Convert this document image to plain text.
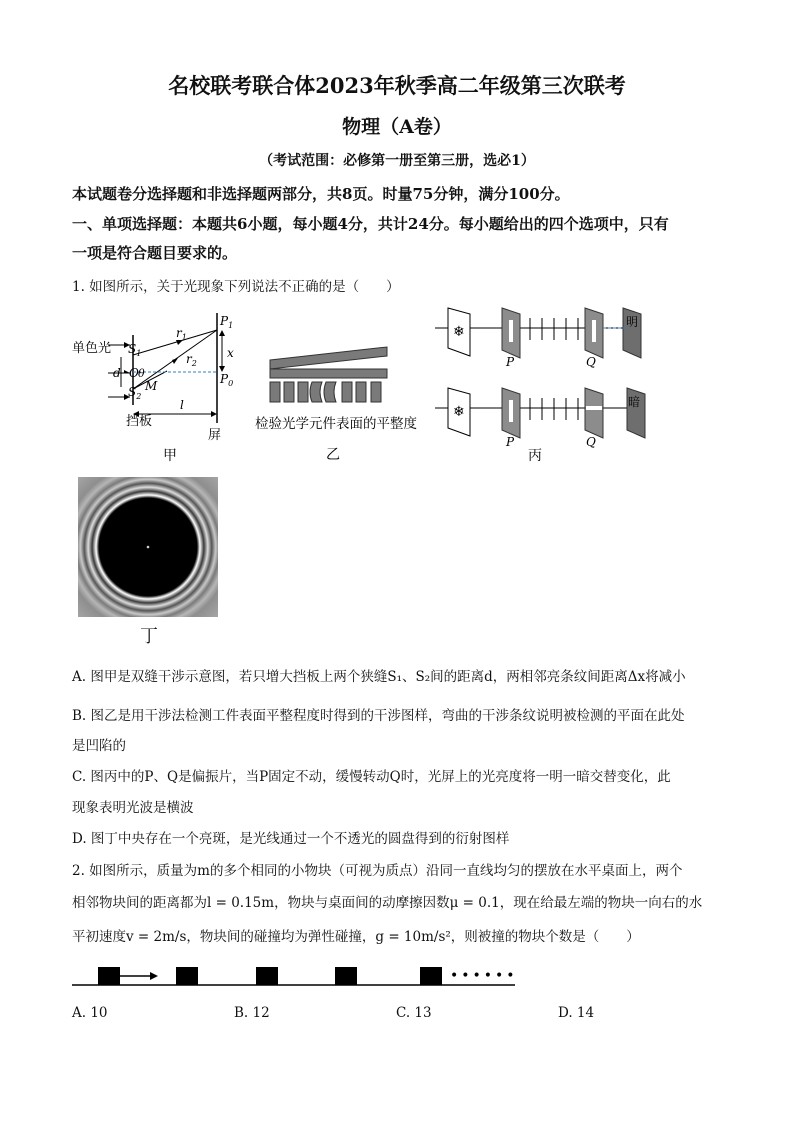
名校联考联合体2023年秋季高二年级第三次联考
物理（A卷）
（考试范围：必修第一册至第三册，选必1）
本试题卷分选择题和非选择题两部分，共8页。时量75分钟，满分100分。
一、单项选择题：本题共6小题，每小题4分，共计24分。每小题给出的四个选项中，只有
一项是符合题目要求的。
1. 如图所示，关于光现象下列说法不正确的是（　　）
单色光 $S_1$
$S_2$
d O θ
M
$r_1$
$r_2$
$P_1$
x
$P_0$
l
挡板
屏
甲
检验光学元件表面的平整度
乙
❄
明
P	Q
❄
暗
P	Q
丙
丁
A. 图甲是双缝干涉示意图，若只增大挡板上两个狭缝S₁、S₂间的距离d，两相邻亮条纹间距离Δx将减小
B. 图乙是用干涉法检测工件表面平整程度时得到的干涉图样，弯曲的干涉条纹说明被检测的平面在此处
是凹陷的
C. 图丙中的P、Q是偏振片，当P固定不动，缓慢转动Q时，光屏上的光亮度将一明一暗交替变化，此
现象表明光波是横波
D. 图丁中央存在一个亮斑，是光线通过一个不透光的圆盘得到的衍射图样
2. 如图所示，质量为m的多个相同的小物块（可视为质点）沿同一直线均匀的摆放在水平桌面上，两个
相邻物块间的距离都为l = 0.15m，物块与桌面间的动摩擦因数μ = 0.1，现在给最左端的物块一向右的水
平初速度v = 2m/s，物块间的碰撞均为弹性碰撞，g = 10m/s²，则被撞的物块个数是（　　）
••••••
A. 10	B. 12	C. 13	D. 14
